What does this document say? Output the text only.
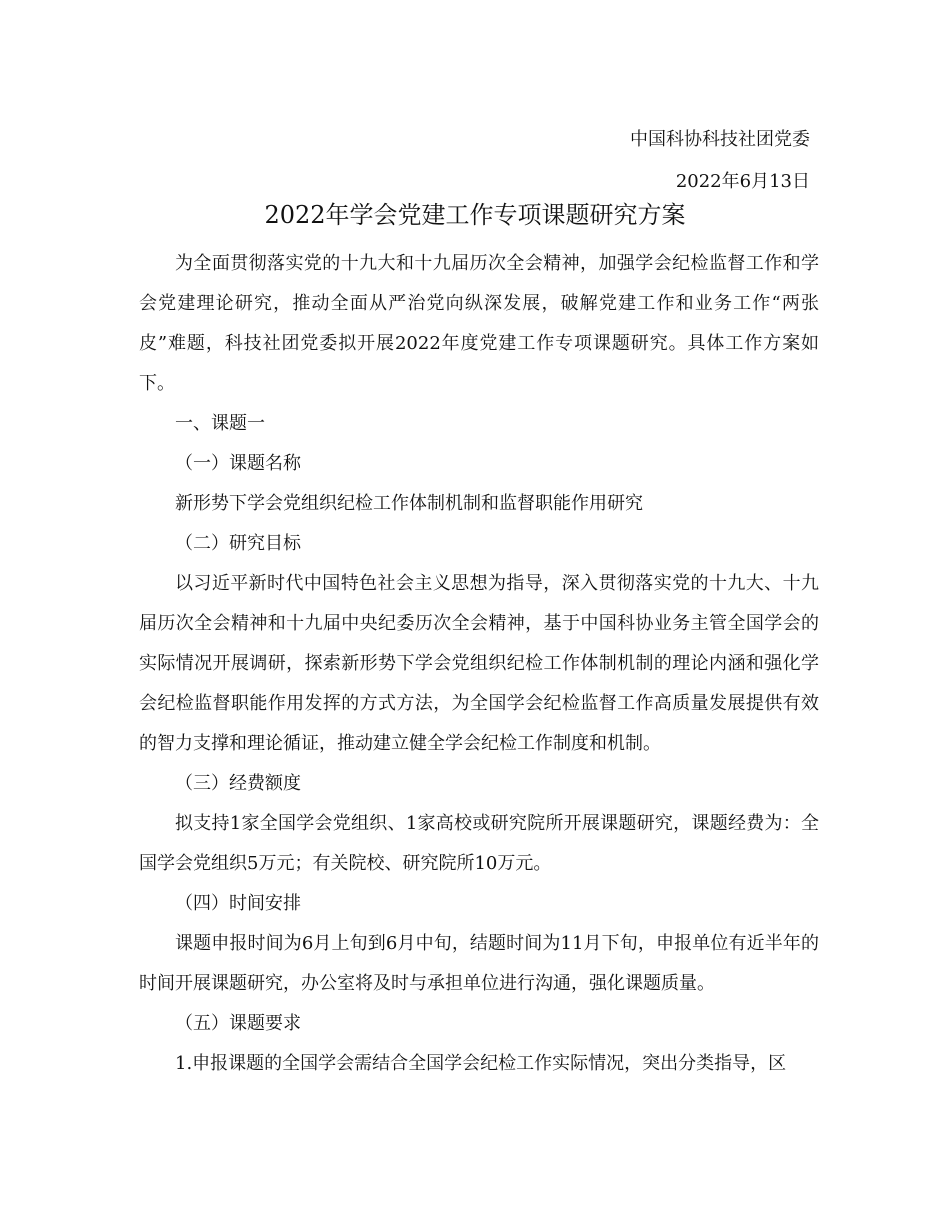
中国科协科技社团党委
2022年6月13日
2022年学会党建工作专项课题研究方案

为全面贯彻落实党的十九大和十九届历次全会精神，加强学会纪检监督工作和学会党建理论研究，推动全面从严治党向纵深发展，破解党建工作和业务工作“两张皮”难题，科技社团党委拟开展2022年度党建工作专项课题研究。具体工作方案如下。

一、课题一

（一）课题名称

新形势下学会党组织纪检工作体制机制和监督职能作用研究

（二）研究目标

以习近平新时代中国特色社会主义思想为指导，深入贯彻落实党的十九大、十九届历次全会精神和十九届中央纪委历次全会精神，基于中国科协业务主管全国学会的实际情况开展调研，探索新形势下学会党组织纪检工作体制机制的理论内涵和强化学会纪检监督职能作用发挥的方式方法，为全国学会纪检监督工作高质量发展提供有效的智力支撑和理论循证，推动建立健全学会纪检工作制度和机制。

（三）经费额度

拟支持1家全国学会党组织、1家高校或研究院所开展课题研究，课题经费为：全国学会党组织5万元；有关院校、研究院所10万元。

（四）时间安排

课题申报时间为6月上旬到6月中旬，结题时间为11月下旬，申报单位有近半年的时间开展课题研究，办公室将及时与承担单位进行沟通，强化课题质量。

（五）课题要求

1.申报课题的全国学会需结合全国学会纪检工作实际情况，突出分类指导，区
